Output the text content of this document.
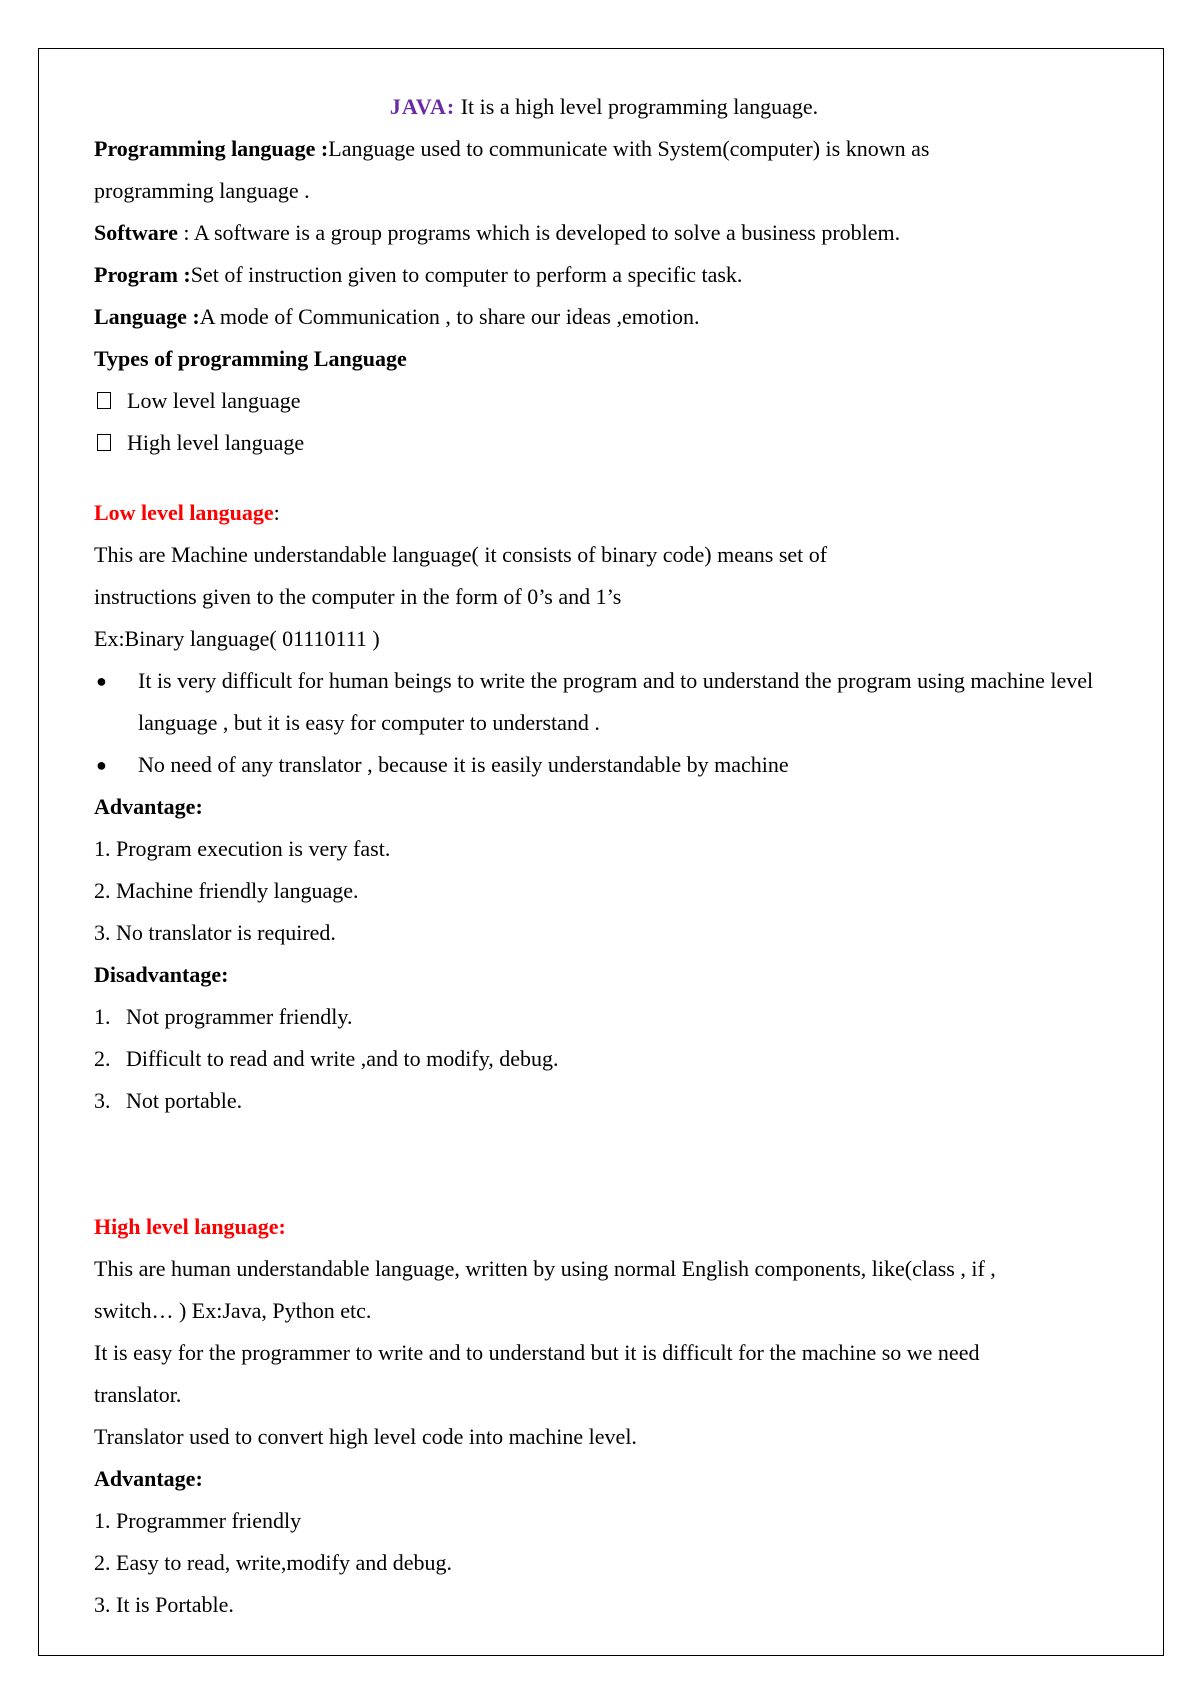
JAVA: It is a high level programming language.
Programming language :Language used to communicate with System(computer) is known as
programming language .
Software : A software is a group programs which is developed to solve a business problem.
Program :Set of instruction given to computer to perform a specific task.
Language :A mode of Communication , to share our ideas ,emotion.
Types of programming Language
Low level language
High level language
Low level language:
This are Machine understandable language( it consists of binary code) means set of
instructions given to the computer in the form of 0’s and 1’s
Ex:Binary language( 01110111 )
●	It is very difficult for human beings to write the program and to understand the program using machine level language , but it is easy for computer to understand .
●	No need of any translator , because it is easily understandable by machine
Advantage:
1. Program execution is very fast.
2. Machine friendly language.
3. No translator is required.
Disadvantage:
1. Not programmer friendly.
2. Difficult to read and write ,and to modify, debug.
3. Not portable.
High level language:
This are human understandable language, written by using normal English components, like(class , if ,
switch… ) Ex:Java, Python etc.
It is easy for the programmer to write and to understand but it is difficult for the machine so we need
translator.
Translator used to convert high level code into machine level.
Advantage:
1. Programmer friendly
2. Easy to read, write,modify and debug.
3. It is Portable.
